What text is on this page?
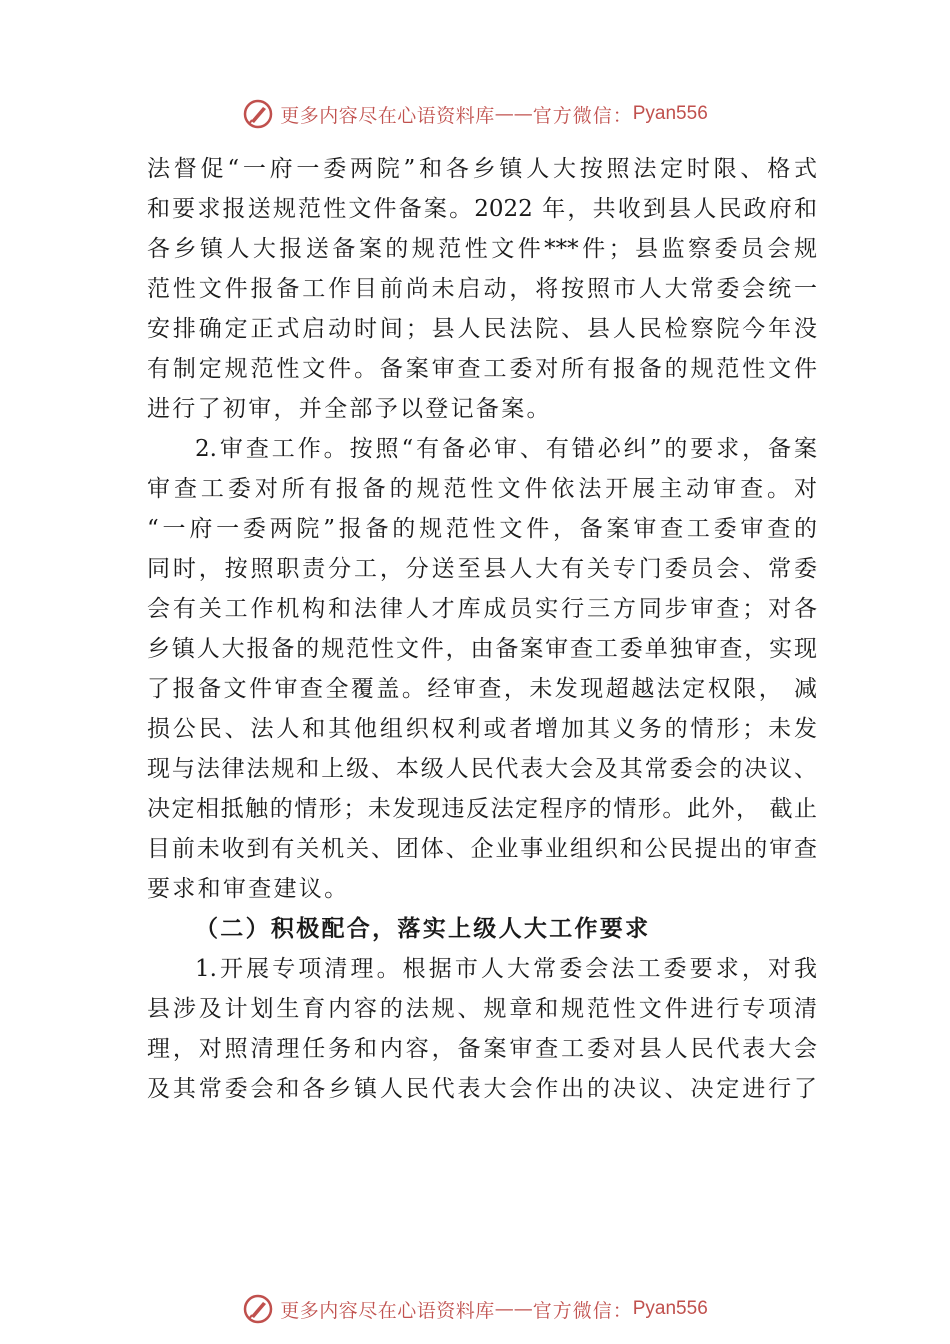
更多内容尽在心语资料库 —— 官方微信： Pyan556
法督促“一府一委两院”和各乡镇人大按照法定时限、格式
和要求报送规范性文件备案。2022 年，共收到县人民政府和
各乡镇人大报送备案的规范性文件***件；县监察委员会规
范性文件报备工作目前尚未启动，将按照市人大常委会统一
安排确定正式启动时间；县人民法院、县人民检察院今年没
有制定规范性文件。备案审查工委对所有报备的规范性文件
进行了初审，并全部予以登记备案。
2.审查工作。按照“有备必审、有错必纠”的要求，备案
审查工委对所有报备的规范性文件依法开展主动审查。对
“一府一委两院”报备的规范性文件，备案审查工委审查的
同时，按照职责分工，分送至县人大有关专门委员会、常委
会有关工作机构和法律人才库成员实行三方同步审查；对各
乡镇人大报备的规范性文件，由备案审查工委单独审查，实现
了报备文件审查全覆盖。经审查，未发现超越法定权限， 减
损公民、法人和其他组织权利或者增加其义务的情形；未发
现与法律法规和上级、本级人民代表大会及其常委会的决议、
决定相抵触的情形；未发现违反法定程序的情形。此外， 截止
目前未收到有关机关、团体、企业事业组织和公民提出的审查
要求和审查建议。
（二）积极配合，落实上级人大工作要求
1.开展专项清理。根据市人大常委会法工委要求，对我
县涉及计划生育内容的法规、规章和规范性文件进行专项清
理，对照清理任务和内容，备案审查工委对县人民代表大会
及其常委会和各乡镇人民代表大会作出的决议、决定进行了
更多内容尽在心语资料库 —— 官方微信： Pyan556
